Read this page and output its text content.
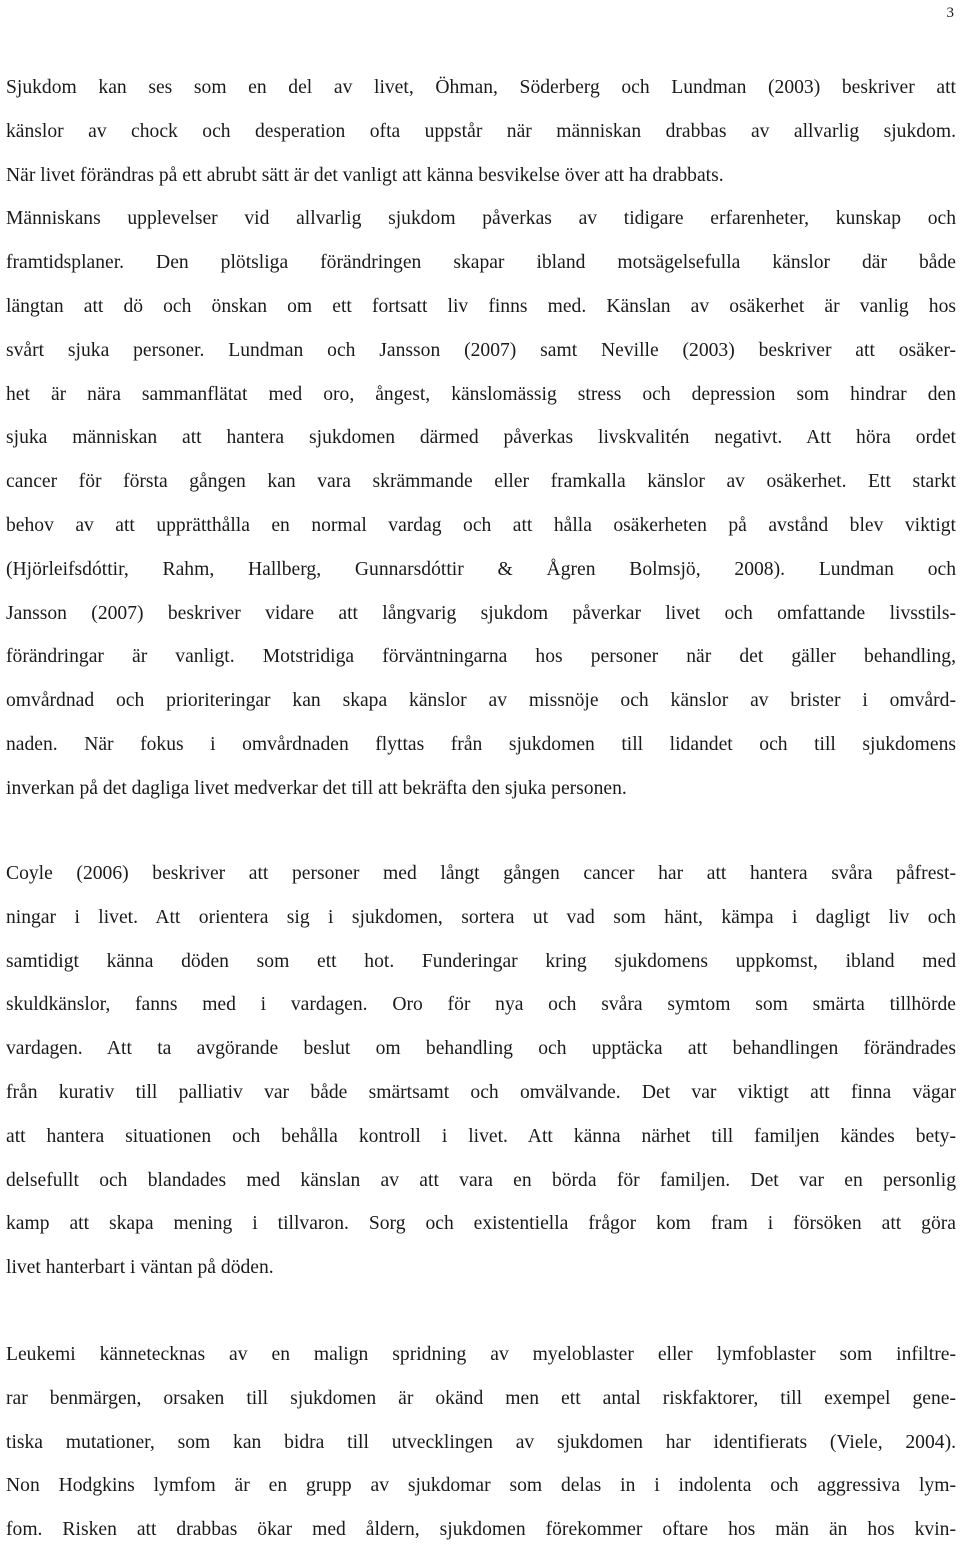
3
Sjukdom kan ses som en del av livet, Öhman, Söderberg och Lundman (2003) beskriver att
känslor av chock och desperation ofta uppstår när människan drabbas av allvarlig sjukdom.
När livet förändras på ett abrubt sätt är det vanligt att känna besvikelse över att ha drabbats.
Människans upplevelser vid allvarlig sjukdom påverkas av tidigare erfarenheter, kunskap och
framtidsplaner. Den plötsliga förändringen skapar ibland motsägelsefulla känslor där både
längtan att dö och önskan om ett fortsatt liv finns med. Känslan av osäkerhet är vanlig hos
svårt sjuka personer. Lundman och Jansson (2007) samt Neville (2003) beskriver att osäker-
het är nära sammanflätat med oro, ångest, känslomässig stress och depression som hindrar den
sjuka människan att hantera sjukdomen därmed påverkas livskvalitén negativt. Att höra ordet
cancer för första gången kan vara skrämmande eller framkalla känslor av osäkerhet. Ett starkt
behov av att upprätthålla en normal vardag och att hålla osäkerheten på avstånd blev viktigt
(Hjörleifsdóttir, Rahm, Hallberg, Gunnarsdóttir & Ågren Bolmsjö, 2008). Lundman och
Jansson (2007) beskriver vidare att långvarig sjukdom påverkar livet och omfattande livsstils-
förändringar är vanligt. Motstridiga förväntningarna hos personer när det gäller behandling,
omvårdnad och prioriteringar kan skapa känslor av missnöje och känslor av brister i omvård-
naden. När fokus i omvårdnaden flyttas från sjukdomen till lidandet och till sjukdomens
inverkan på det dagliga livet medverkar det till att bekräfta den sjuka personen.
Coyle (2006) beskriver att personer med långt gången cancer har att hantera svåra påfrest-
ningar i livet. Att orientera sig i sjukdomen, sortera ut vad som hänt, kämpa i dagligt liv och
samtidigt känna döden som ett hot. Funderingar kring sjukdomens uppkomst, ibland med
skuldkänslor, fanns med i vardagen. Oro för nya och svåra symtom som smärta tillhörde
vardagen. Att ta avgörande beslut om behandling och upptäcka att behandlingen förändrades
från kurativ till palliativ var både smärtsamt och omvälvande. Det var viktigt att finna vägar
att hantera situationen och behålla kontroll i livet. Att känna närhet till familjen kändes bety-
delsefullt och blandades med känslan av att vara en börda för familjen. Det var en personlig
kamp att skapa mening i tillvaron. Sorg och existentiella frågor kom fram i försöken att göra
livet hanterbart i väntan på döden.
Leukemi kännetecknas av en malign spridning av myeloblaster eller lymfoblaster som infiltre-
rar benmärgen, orsaken till sjukdomen är okänd men ett antal riskfaktorer, till exempel gene-
tiska mutationer, som kan bidra till utvecklingen av sjukdomen har identifierats (Viele, 2004).
Non Hodgkins lymfom är en grupp av sjukdomar som delas in i indolenta och aggressiva lym-
fom. Risken att drabbas ökar med åldern, sjukdomen förekommer oftare hos män än hos kvin-
